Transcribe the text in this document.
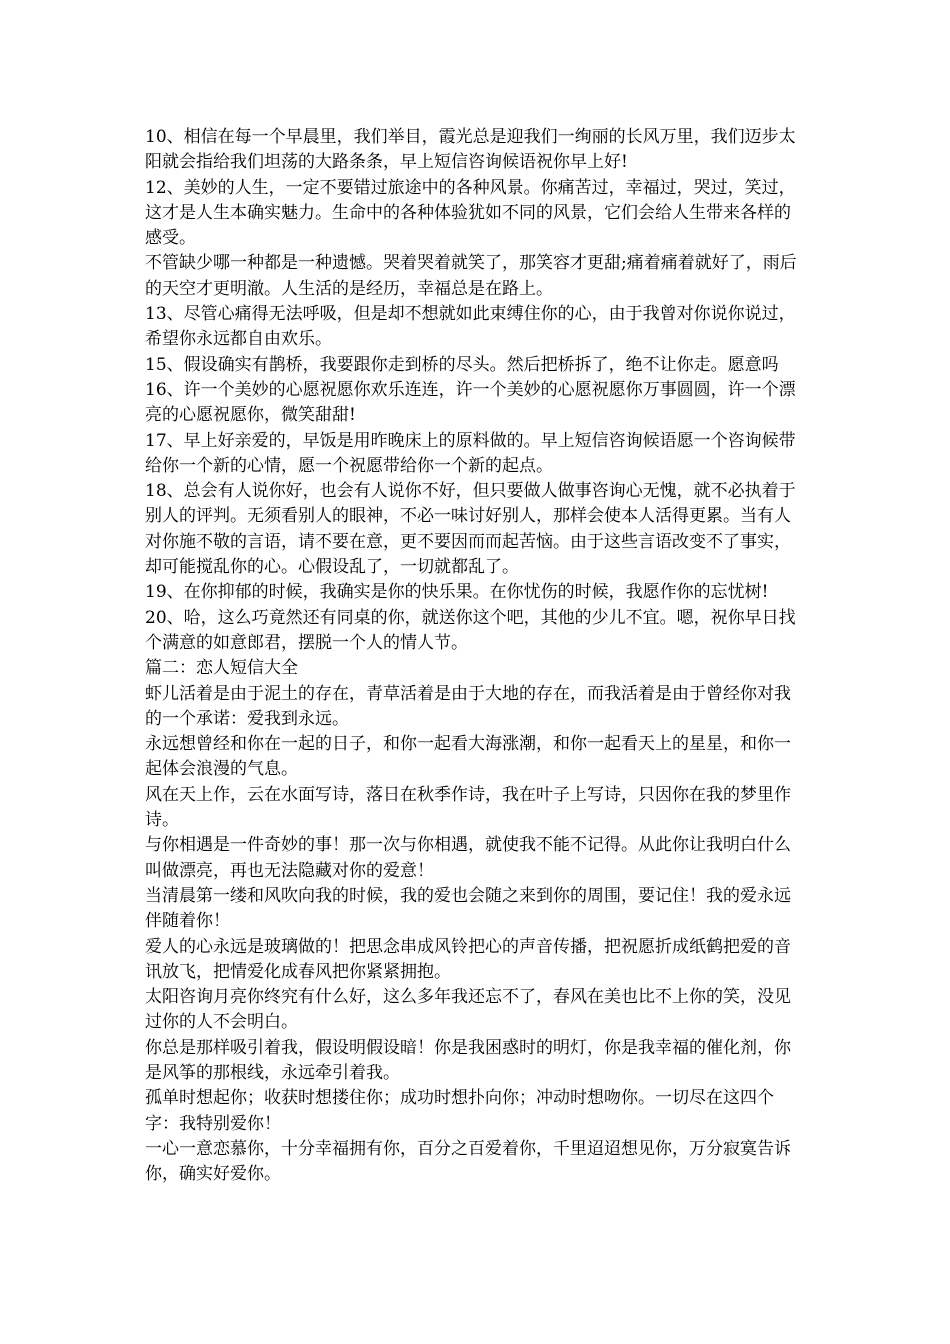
10、相信在每一个早晨里，我们举目，霞光总是迎我们一绚丽的长风万里，我们迈步太阳就会指给我们坦荡的大路条条，早上短信咨询候语祝你早上好!

12、美妙的人生，一定不要错过旅途中的各种风景。你痛苦过，幸福过，哭过，笑过，这才是人生本确实魅力。生命中的各种体验犹如不同的风景，它们会给人生带来各样的感受。

不管缺少哪一种都是一种遗憾。哭着哭着就笑了，那笑容才更甜;痛着痛着就好了，雨后的天空才更明澈。人生活的是经历，幸福总是在路上。

13、尽管心痛得无法呼吸，但是却不想就如此束缚住你的心，由于我曾对你说你说过，希望你永远都自由欢乐。

15、假设确实有鹊桥，我要跟你走到桥的尽头。然后把桥拆了，绝不让你走。愿意吗

16、许一个美妙的心愿祝愿你欢乐连连，许一个美妙的心愿祝愿你万事圆圆，许一个漂亮的心愿祝愿你，微笑甜甜!

17、早上好亲爱的，早饭是用昨晚床上的原料做的。早上短信咨询候语愿一个咨询候带给你一个新的心情，愿一个祝愿带给你一个新的起点。

18、总会有人说你好，也会有人说你不好，但只要做人做事咨询心无愧，就不必执着于别人的评判。无须看别人的眼神，不必一味讨好别人，那样会使本人活得更累。当有人对你施不敬的言语，请不要在意，更不要因而而起苦恼。由于这些言语改变不了事实，却可能搅乱你的心。心假设乱了，一切就都乱了。

19、在你抑郁的时候，我确实是你的快乐果。在你忧伤的时候，我愿作你的忘忧树!

20、哈，这么巧竟然还有同桌的你，就送你这个吧，其他的少儿不宜。嗯，祝你早日找个满意的如意郎君，摆脱一个人的情人节。

篇二：恋人短信大全

虾儿活着是由于泥土的存在，青草活着是由于大地的存在，而我活着是由于曾经你对我的一个承诺：爱我到永远。

永远想曾经和你在一起的日子，和你一起看大海涨潮，和你一起看天上的星星，和你一起体会浪漫的气息。

风在天上作，云在水面写诗，落日在秋季作诗，我在叶子上写诗，只因你在我的梦里作诗。

与你相遇是一件奇妙的事！那一次与你相遇，就使我不能不记得。从此你让我明白什么叫做漂亮，再也无法隐藏对你的爱意！

当清晨第一缕和风吹向我的时候，我的爱也会随之来到你的周围，要记住！我的爱永远伴随着你！

爱人的心永远是玻璃做的！把思念串成风铃把心的声音传播，把祝愿折成纸鹤把爱的音讯放飞，把情爱化成春风把你紧紧拥抱。

太阳咨询月亮你终究有什么好，这么多年我还忘不了，春风在美也比不上你的笑，没见过你的人不会明白。

你总是那样吸引着我，假设明假设暗！你是我困惑时的明灯，你是我幸福的催化剂，你是风筝的那根线，永远牵引着我。

孤单时想起你；收获时想搂住你；成功时想扑向你；冲动时想吻你。一切尽在这四个字：我特别爱你！

一心一意恋慕你，十分幸福拥有你，百分之百爱着你，千里迢迢想见你，万分寂寞告诉你，确实好爱你。
